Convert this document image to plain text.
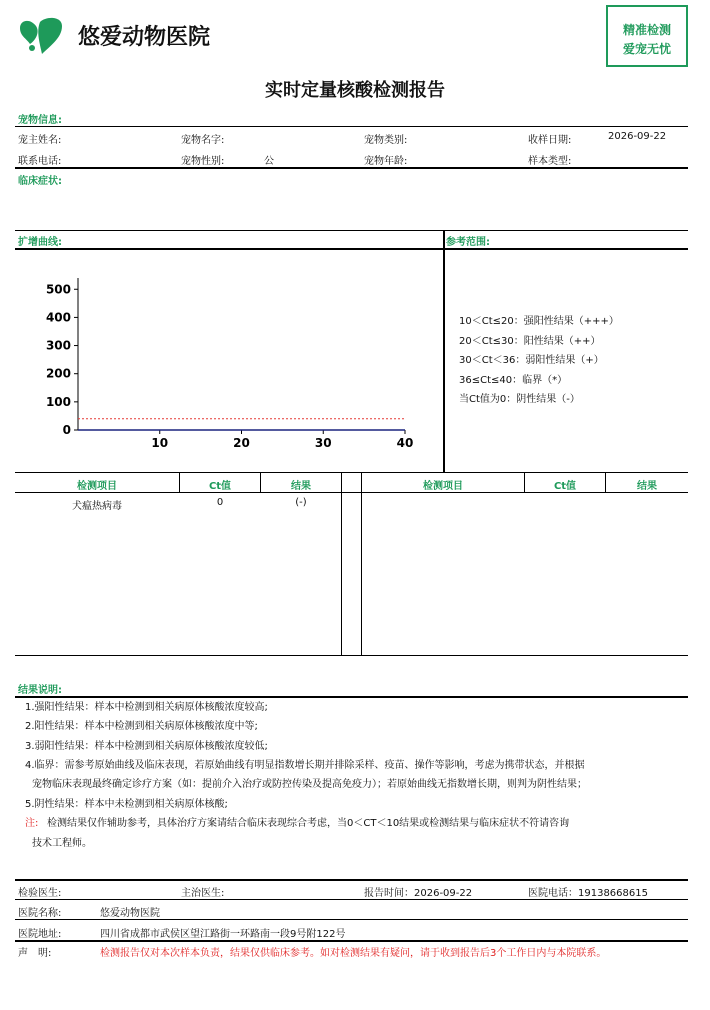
悠爱动物医院	精准检测
爱宠无忧
实时定量核酸检测报告
宠物信息:
宠主姓名:	宠物名字:	宠物类别:	收样日期:	2026-09-22
联系电话:	宠物性别:	公	宠物年龄:	样本类型:
临床症状:
扩增曲线:	参考范围:
0
100
200
300
400
500
10	20	30	40
10＜Ct≤20：强阳性结果（+++）
20＜Ct≤30：阳性结果（++）
30＜Ct＜36：弱阳性结果（+）
36≤Ct≤40：临界（*）
当Ct值为0：阴性结果（-）
检测项目	Ct值	结果	检测项目	Ct值	结果
犬瘟热病毒	0	(-)
结果说明:
1.强阳性结果：样本中检测到相关病原体核酸浓度较高;
2.阳性结果：样本中检测到相关病原体核酸浓度中等;
3.弱阳性结果：样本中检测到相关病原体核酸浓度较低;
4.临界：需参考原始曲线及临床表现，若原始曲线有明显指数增长期并排除采样、疫苗、操作等影响，考虑为携带状态，并根据
宠物临床表现最终确定诊疗方案（如：提前介入治疗或防控传染及提高免疫力）；若原始曲线无指数增长期，则判为阴性结果；
5.阴性结果：样本中未检测到相关病原体核酸;
注: 检测结果仅作辅助参考，具体治疗方案请结合临床表现综合考虑，当0＜CT＜10结果或检测结果与临床症状不符请咨询
技术工程师。
检验医生:	主治医生:	报告时间：2026-09-22	医院电话：19138668615
医院名称:	悠爱动物医院
医院地址:	四川省成都市武侯区望江路街一环路南一段9号附122号
声　明:	检测报告仅对本次样本负责，结果仅供临床参考。如对检测结果有疑问，请于收到报告后3个工作日内与本院联系。
